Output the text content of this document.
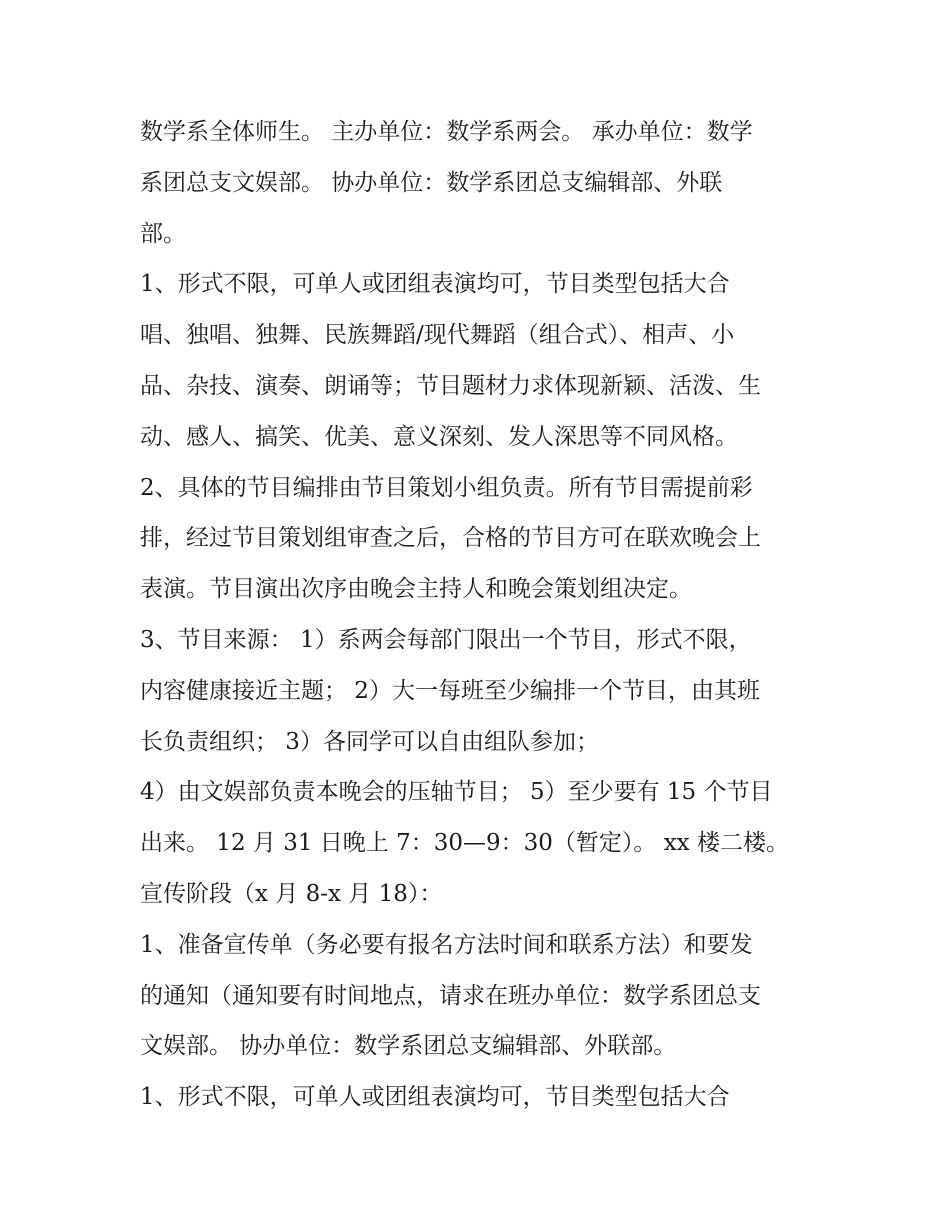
数学系全体师生。 主办单位：数学系两会。 承办单位：数学
系团总支文娱部。 协办单位：数学系团总支编辑部、外联
部。
1、形式不限，可单人或团组表演均可，节目类型包括大合
唱、独唱、独舞、民族舞蹈/现代舞蹈（组合式）、相声、小
品、杂技、演奏、朗诵等；节目题材力求体现新颖、活泼、生
动、感人、搞笑、优美、意义深刻、发人深思等不同风格。
2、具体的节目编排由节目策划小组负责。所有节目需提前彩
排，经过节目策划组审查之后，合格的节目方可在联欢晚会上
表演。节目演出次序由晚会主持人和晚会策划组决定。
3、节目来源： 1）系两会每部门限出一个节目，形式不限，
内容健康接近主题； 2）大一每班至少编排一个节目，由其班
长负责组织； 3）各同学可以自由组队参加；
4）由文娱部负责本晚会的压轴节目； 5）至少要有 15 个节目
出来。 12 月 31 日晚上 7：30—9：30（暂定）。 xx 楼二楼。
宣传阶段（x 月 8-x 月 18）：
1、准备宣传单（务必要有报名方法时间和联系方法）和要发
的通知（通知要有时间地点，请求在班办单位：数学系团总支
文娱部。 协办单位：数学系团总支编辑部、外联部。
1、形式不限，可单人或团组表演均可，节目类型包括大合
